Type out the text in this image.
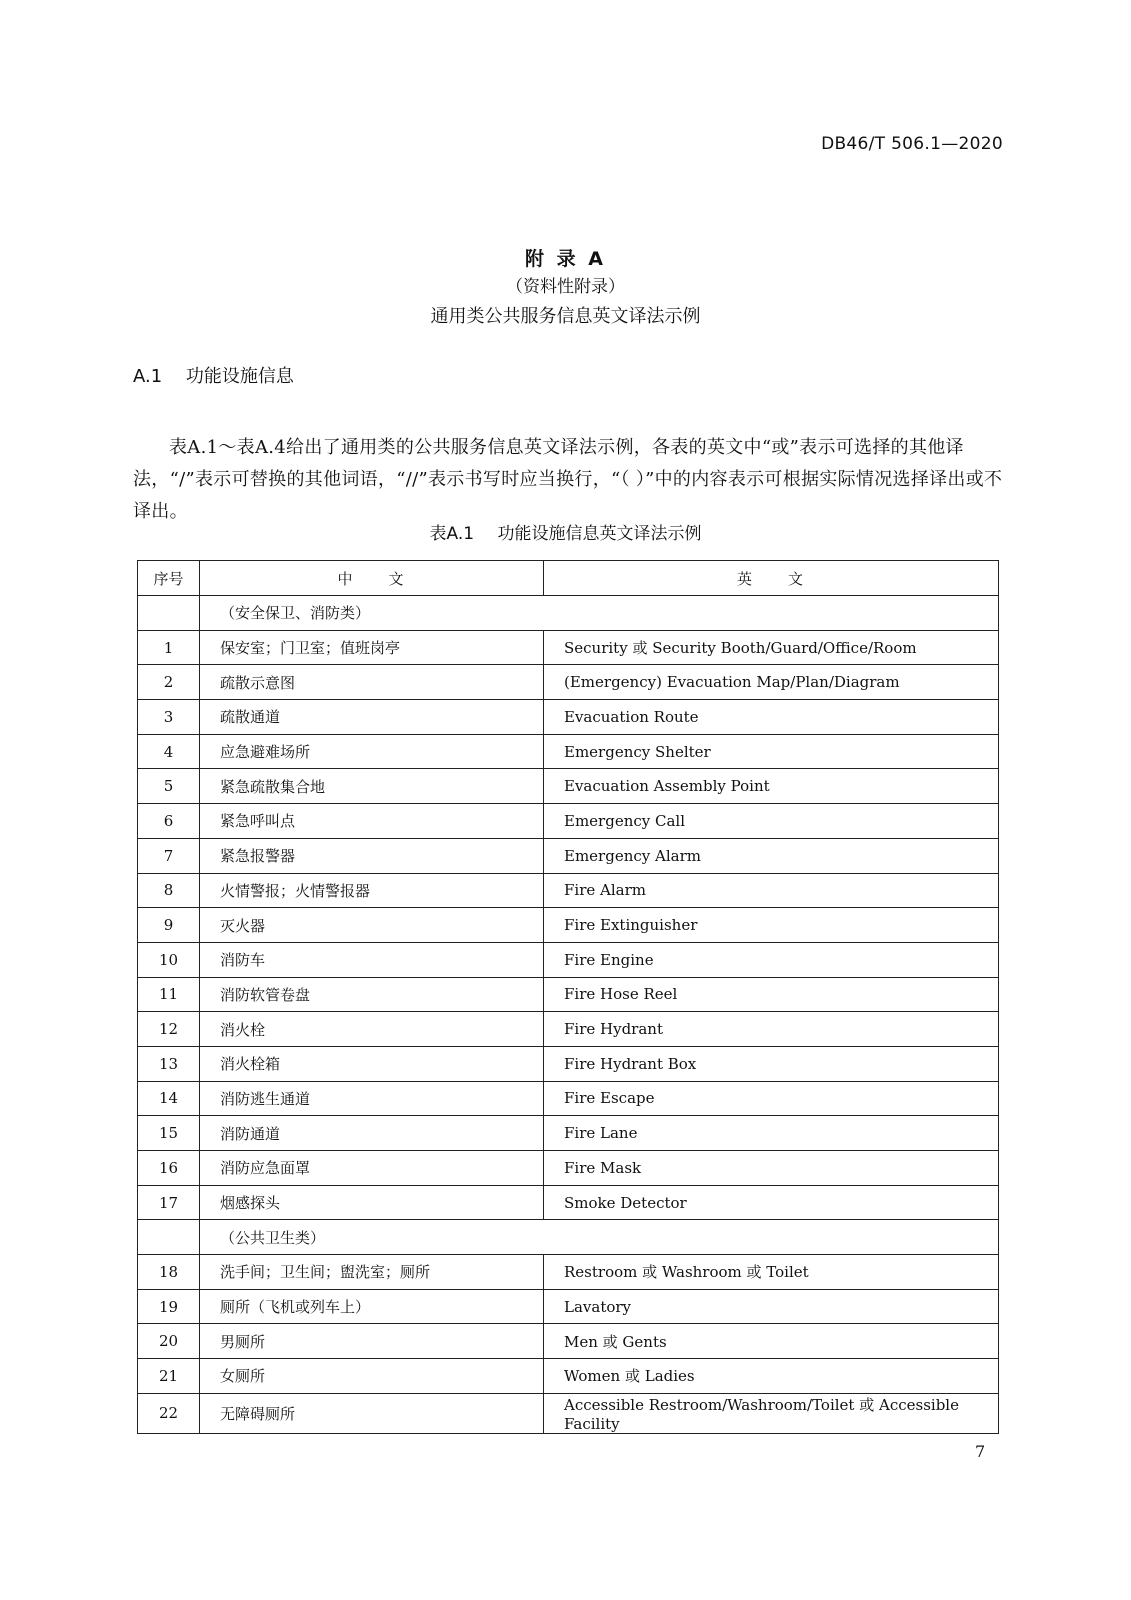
DB46/T 506.1—2020
附 录 A
（资料性附录）
通用类公共服务信息英文译法示例
A.1 功能设施信息

表A.1～表A.4给出了通用类的公共服务信息英文译法示例，各表的英文中“或”表示可选择的其他译法，“/”表示可替换的其他词语，“//”表示书写时应当换行，“（ ）”中的内容表示可根据实际情况选择译出或不译出。

表A.1 功能设施信息英文译法示例
序号	中　　文	英　　文
	（安全保卫、消防类）	
1	保安室；门卫室；值班岗亭	Security 或 Security Booth/Guard/Office/Room
2	疏散示意图	(Emergency) Evacuation Map/Plan/Diagram
3	疏散通道	Evacuation Route
4	应急避难场所	Emergency Shelter
5	紧急疏散集合地	Evacuation Assembly Point
6	紧急呼叫点	Emergency Call
7	紧急报警器	Emergency Alarm
8	火情警报；火情警报器	Fire Alarm
9	灭火器	Fire Extinguisher
10	消防车	Fire Engine
11	消防软管卷盘	Fire Hose Reel
12	消火栓	Fire Hydrant
13	消火栓箱	Fire Hydrant Box
14	消防逃生通道	Fire Escape
15	消防通道	Fire Lane
16	消防应急面罩	Fire Mask
17	烟感探头	Smoke Detector
	（公共卫生类）	
18	洗手间；卫生间；盥洗室；厕所	Restroom 或 Washroom 或 Toilet
19	厕所（飞机或列车上）	Lavatory
20	男厕所	Men 或 Gents
21	女厕所	Women 或 Ladies
22	无障碍厕所	Accessible Restroom/Washroom/Toilet 或 Accessible Facility
7
